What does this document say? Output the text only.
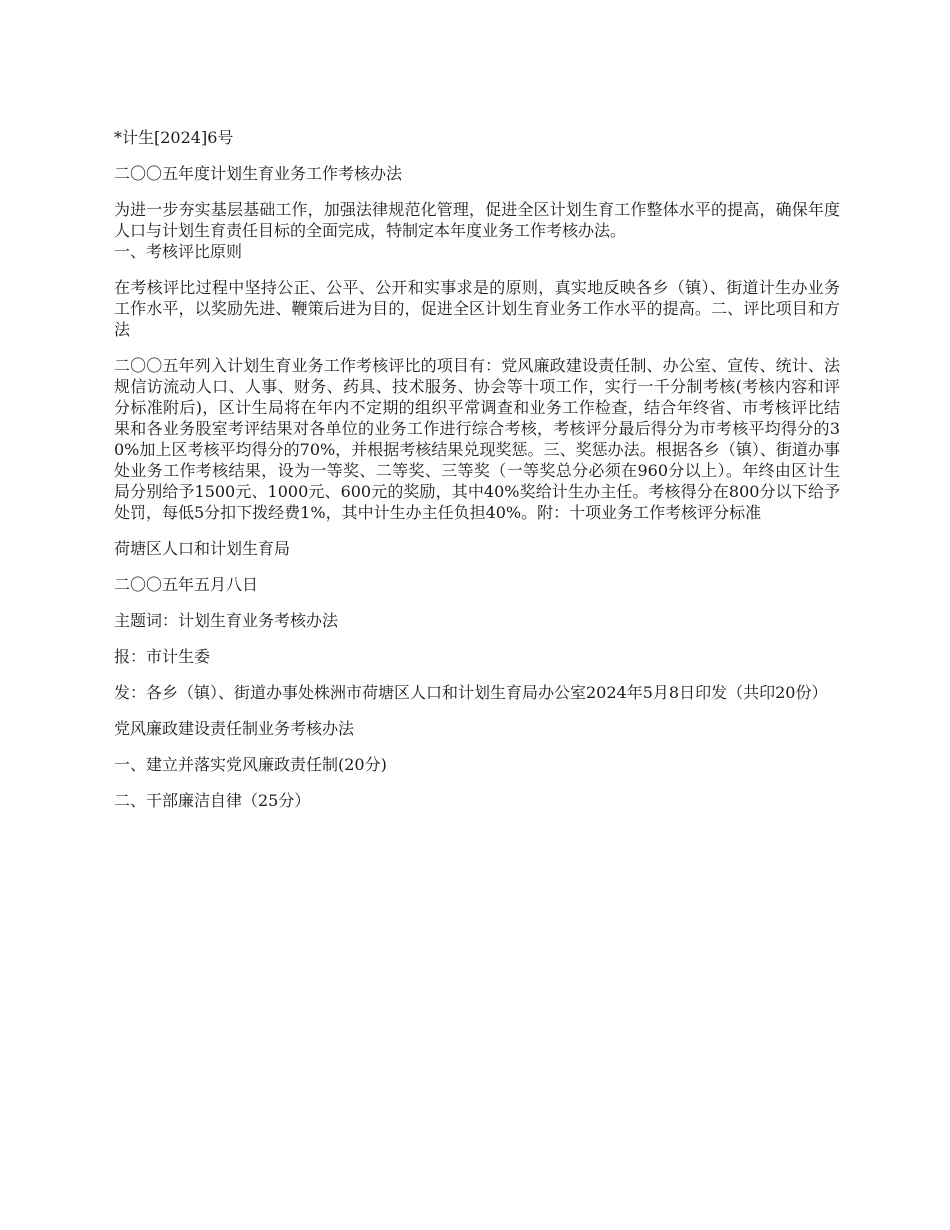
*计生[2024]6号

二〇〇五年度计划生育业务工作考核办法

为进一步夯实基层基础工作，加强法律规范化管理，促进全区计划生育工作整体水平的提高，确保年度人口与计划生育责任目标的全面完成，特制定本年度业务工作考核办法。

一、考核评比原则

在考核评比过程中坚持公正、公平、公开和实事求是的原则，真实地反映各乡（镇）、街道计生办业务工作水平，以奖励先进、鞭策后进为目的，促进全区计划生育业务工作水平的提高。二、评比项目和方法

二〇〇五年列入计划生育业务工作考核评比的项目有：党风廉政建设责任制、办公室、宣传、统计、法规信访流动人口、人事、财务、药具、技术服务、协会等十项工作，实行一千分制考核(考核内容和评分标准附后)，区计生局将在年内不定期的组织平常调查和业务工作检查，结合年终省、市考核评比结果和各业务股室考评结果对各单位的业务工作进行综合考核，考核评分最后得分为市考核平均得分的30%加上区考核平均得分的70%，并根据考核结果兑现奖惩。三、奖惩办法。根据各乡（镇）、街道办事处业务工作考核结果，设为一等奖、二等奖、三等奖（一等奖总分必须在960分以上）。年终由区计生局分别给予1500元、1000元、600元的奖励，其中40%奖给计生办主任。考核得分在800分以下给予处罚，每低5分扣下拨经费1%，其中计生办主任负担40%。附：十项业务工作考核评分标准

荷塘区人口和计划生育局

二〇〇五年五月八日

主题词：计划生育业务考核办法

报：市计生委

发：各乡（镇）、街道办事处株洲市荷塘区人口和计划生育局办公室2024年5月8日印发（共印20份）

党风廉政建设责任制业务考核办法

一、建立并落实党风廉政责任制(20分)

二、干部廉洁自律（25分）
